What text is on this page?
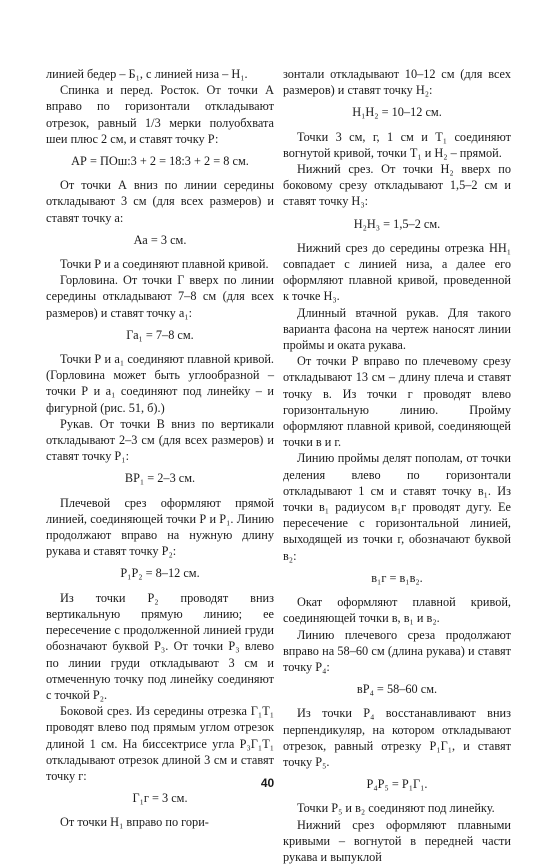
линией бедер – Б₁, с линией низа – Н₁.
Спинка и перед. Росток. От точки А вправо по горизонтали откладывают отрезок, равный 1/3 мерки полуобхвата шеи плюс 2 см, и ставят точку Р:
АР = ПОш:3 + 2 = 18:3 + 2 = 8 см.
От точки А вниз по линии середины откладывают 3 см (для всех размеров) и ставят точку а:
Аа = 3 см.
Точки Р и а соединяют плавной кривой.
Горловина. От точки Г вверх по линии середины откладывают 7–8 см (для всех размеров) и ставят точку а₁:
Га₁ = 7–8 см.
Точки Р и а₁ соединяют плавной кривой. (Горловина может быть углообразной – точки Р и а₁ соединяют под линейку – и фигурной (рис. 51, б).)
Рукав. От точки В вниз по вертикали откладывают 2–3 см (для всех размеров) и ставят точку Р₁:
ВР₁ = 2–3 см.
Плечевой срез оформляют прямой линией, соединяющей точки Р и Р₁. Линию продолжают вправо на нужную длину рукава и ставят точку Р₂:
Р₁Р₂ = 8–12 см.
Из точки Р₂ проводят вниз вертикальную прямую линию; ее пересечение с продолженной линией груди обозначают буквой Р₃. От точки Р₃ влево по линии груди откладывают 3 см и отмеченную точку под линейку соединяют с точкой Р₂.
Боковой срез. Из середины отрезка Г₁Т₁ проводят влево под прямым углом отрезок длиной 1 см. На биссектрисе угла Р₃Г₁Т₁ откладывают отрезок длиной 3 см и ставят точку г:
Г₁г = 3 см.
От точки Н₁ вправо по гори-
зонтали откладывают 10–12 см (для всех размеров) и ставят точку Н₂:
Н₁Н₂ = 10–12 см.
Точки 3 см, г, 1 см и Т₁ соединяют вогнутой кривой, точки Т₁ и Н₂ – прямой.
Нижний срез. От точки Н₂ вверх по боковому срезу откладывают 1,5–2 см и ставят точку Н₃:
Н₂Н₃ = 1,5–2 см.
Нижний срез до середины отрезка НН₁ совпадает с линией низа, а далее его оформляют плавной кривой, проведенной к точке Н₃.
Длинный втачной рукав. Для такого варианта фасона на чертеж наносят линии проймы и оката рукава.
От точки Р вправо по плечевому срезу откладывают 13 см – длину плеча и ставят точку в. Из точки г проводят влево горизонтальную линию. Пройму оформляют плавной кривой, соединяющей точки в и г.
Линию проймы делят пополам, от точки деления влево по горизонтали откладывают 1 см и ставят точку в₁. Из точки в₁ радиусом в₁г проводят дугу. Ее пересечение с горизонтальной линией, выходящей из точки г, обозначают буквой в₂:
в₁г = в₁в₂.
Окат оформляют плавной кривой, соединяющей точки в, в₁ и в₂.
Линию плечевого среза продолжают вправо на 58–60 см (длина рукава) и ставят точку Р₄:
вР₄ = 58–60 см.
Из точки Р₄ восстанавливают вниз перпендикуляр, на котором откладывают отрезок, равный отрезку Р₁Г₁, и ставят точку Р₅.
Р₄Р₅ = Р₁Г₁.
Точки Р₅ и в₂ соединяют под линейку.
Нижний срез оформляют плавными кривыми – вогнутой в передней части рукава и выпуклой
40
